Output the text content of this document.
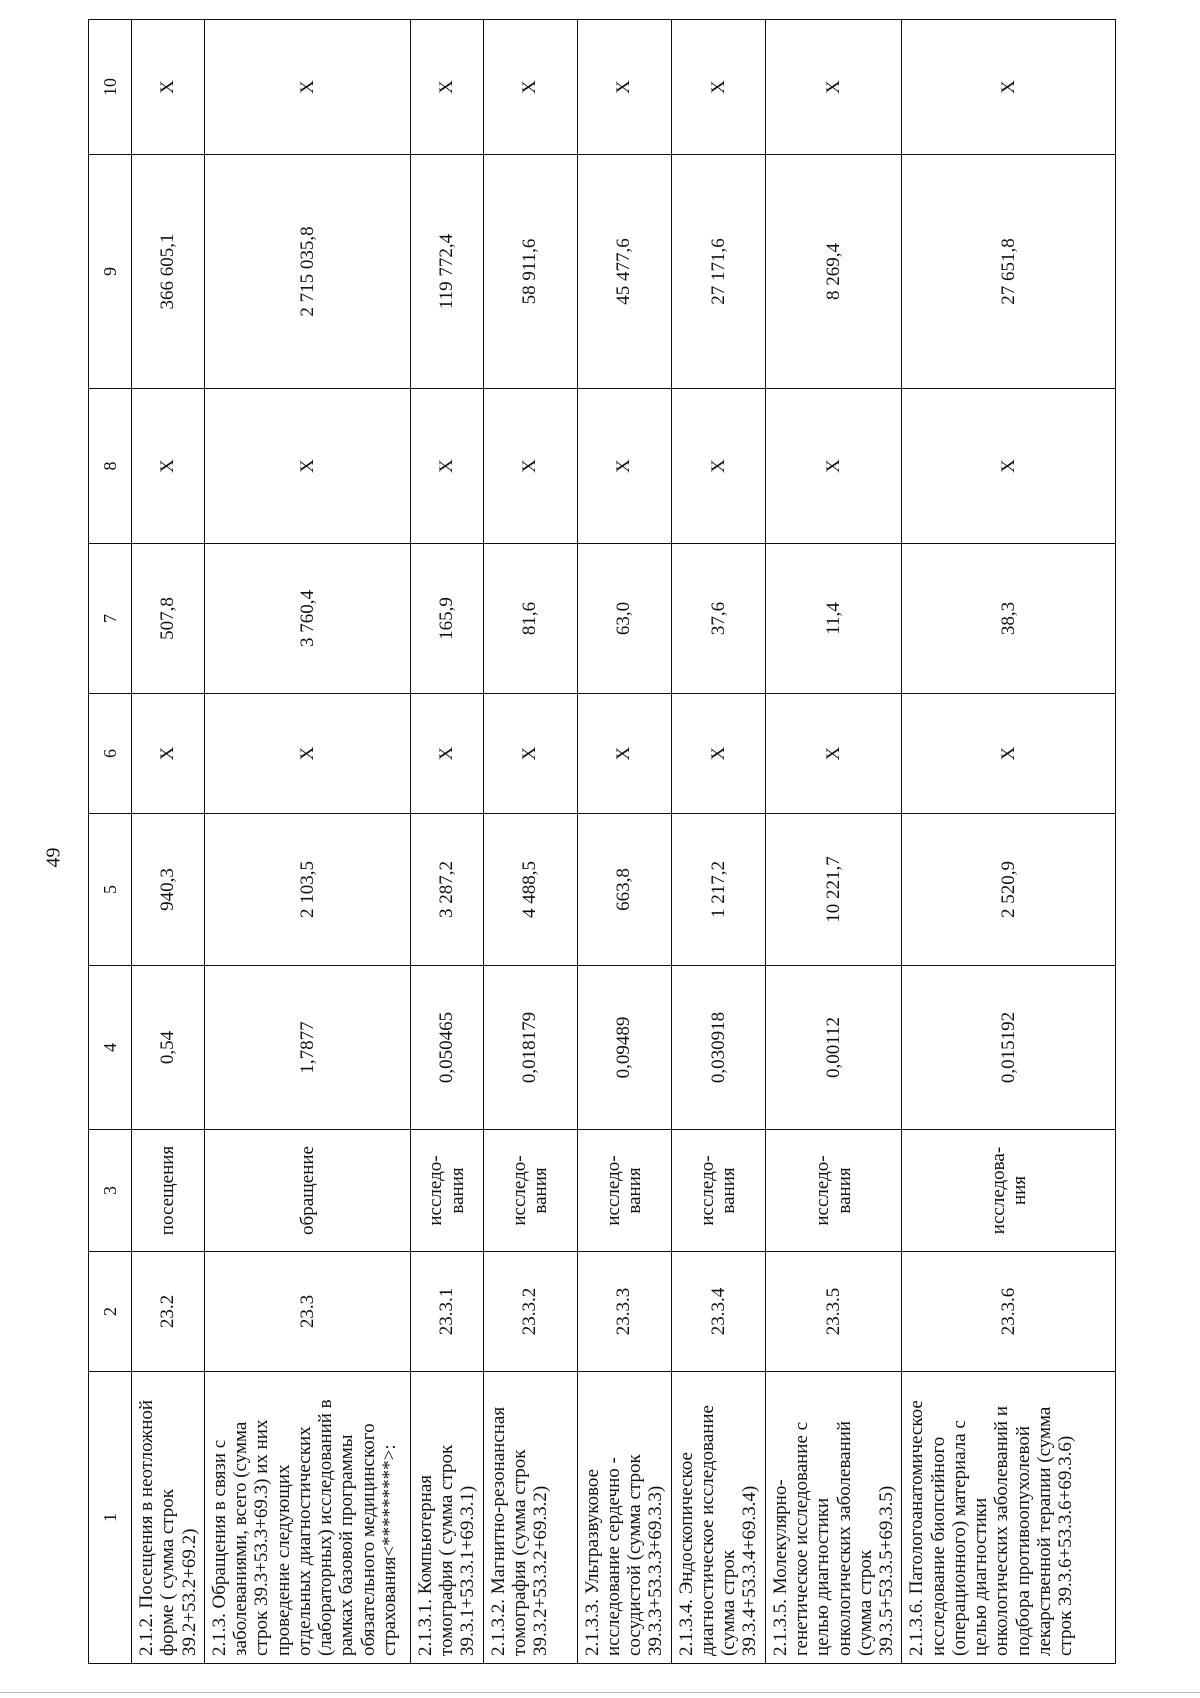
49
1	2	3	4	5	6	7	8	9	10
2.1.2. Посещения в неотложной форме ( сумма строк 39.2+53.2+69.2)	23.2	посещения	0,54	940,3	Х	507,8	Х	366 605,1	Х
2.1.3. Обращения в связи с заболеваниями, всего (сумма строк 39.3+53.3+69.3) их них проведение следующих отдельных диагностических (лабораторных) исследований в рамках базовой программы обязательного медицинского страхования<*********>:	23.3	обращение	1,7877	2 103,5	Х	3 760,4	Х	2 715 035,8	Х
2.1.3.1. Компьютерная томография ( сумма строк 39.3.1+53.3.1+69.3.1)	23.3.1	исследо-вания	0,050465	3 287,2	Х	165,9	Х	119 772,4	Х
2.1.3.2. Магнитно-резонансная томография (сумма строк 39.3.2+53.3.2+69.3.2)	23.3.2	исследо-вания	0,018179	4 488,5	Х	81,6	Х	58 911,6	Х
2.1.3.3. Ультразвуковое исследование сердечно - сосудистой (сумма строк 39.3.3+53.3.3+69.3.3)	23.3.3	исследо-вания	0,09489	663,8	Х	63,0	Х	45 477,6	Х
2.1.3.4. Эндоскопическое диагностическое исследование (сумма строк 39.3.4+53.3.4+69.3.4)	23.3.4	исследо-вания	0,030918	1 217,2	Х	37,6	Х	27 171,6	Х
2.1.3.5. Молекулярно-генетическое исследование с целью диагностики онкологических заболеваний (сумма строк 39.3.5+53.3.5+69.3.5)	23.3.5	исследо-вания	0,00112	10 221,7	Х	11,4	Х	8 269,4	Х
2.1.3.6. Патологоанатомическое исследование биопсийного (операционного) материала с целью диагностики онкологических заболеваний и подбора противоопухолевой лекарственной терапии (сумма строк 39.3.6+53.3.6+69.3.6)	23.3.6	исследова-ния	0,015192	2 520,9	Х	38,3	Х	27 651,8	Х
